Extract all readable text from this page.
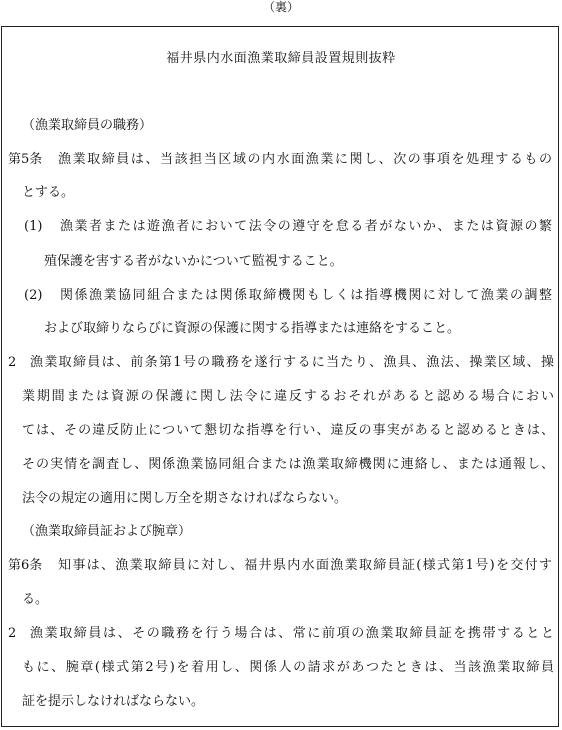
（裏）
福井県内水面漁業取締員設置規則抜粋
（漁業取締員の職務）
第5条 漁業取締員は、当該担当区域の内水面漁業に関し、次の事項を処理するもの
とする。
(1) 漁業者または遊漁者において法令の遵守を怠る者がないか、または資源の繁
殖保護を害する者がないかについて監視すること。
(2) 関係漁業協同組合または関係取締機関もしくは指導機関に対して漁業の調整
および取締りならびに資源の保護に関する指導または連絡をすること。
2 漁業取締員は、前条第1号の職務を遂行するに当たり、漁具、漁法、操業区域、操
業期間または資源の保護に関し法令に違反するおそれがあると認める場合におい
ては、その違反防止について懇切な指導を行い、違反の事実があると認めるときは、
その実情を調査し、関係漁業協同組合または漁業取締機関に連絡し、または通報し、
法令の規定の適用に関し万全を期さなければならない。
（漁業取締員証および腕章）
第6条 知事は、漁業取締員に対し、福井県内水面漁業取締員証(様式第1号)を交付す
る。
2 漁業取締員は、その職務を行う場合は、常に前項の漁業取締員証を携帯するとと
もに、腕章(様式第2号)を着用し、関係人の請求があつたときは、当該漁業取締員
証を提示しなければならない。
